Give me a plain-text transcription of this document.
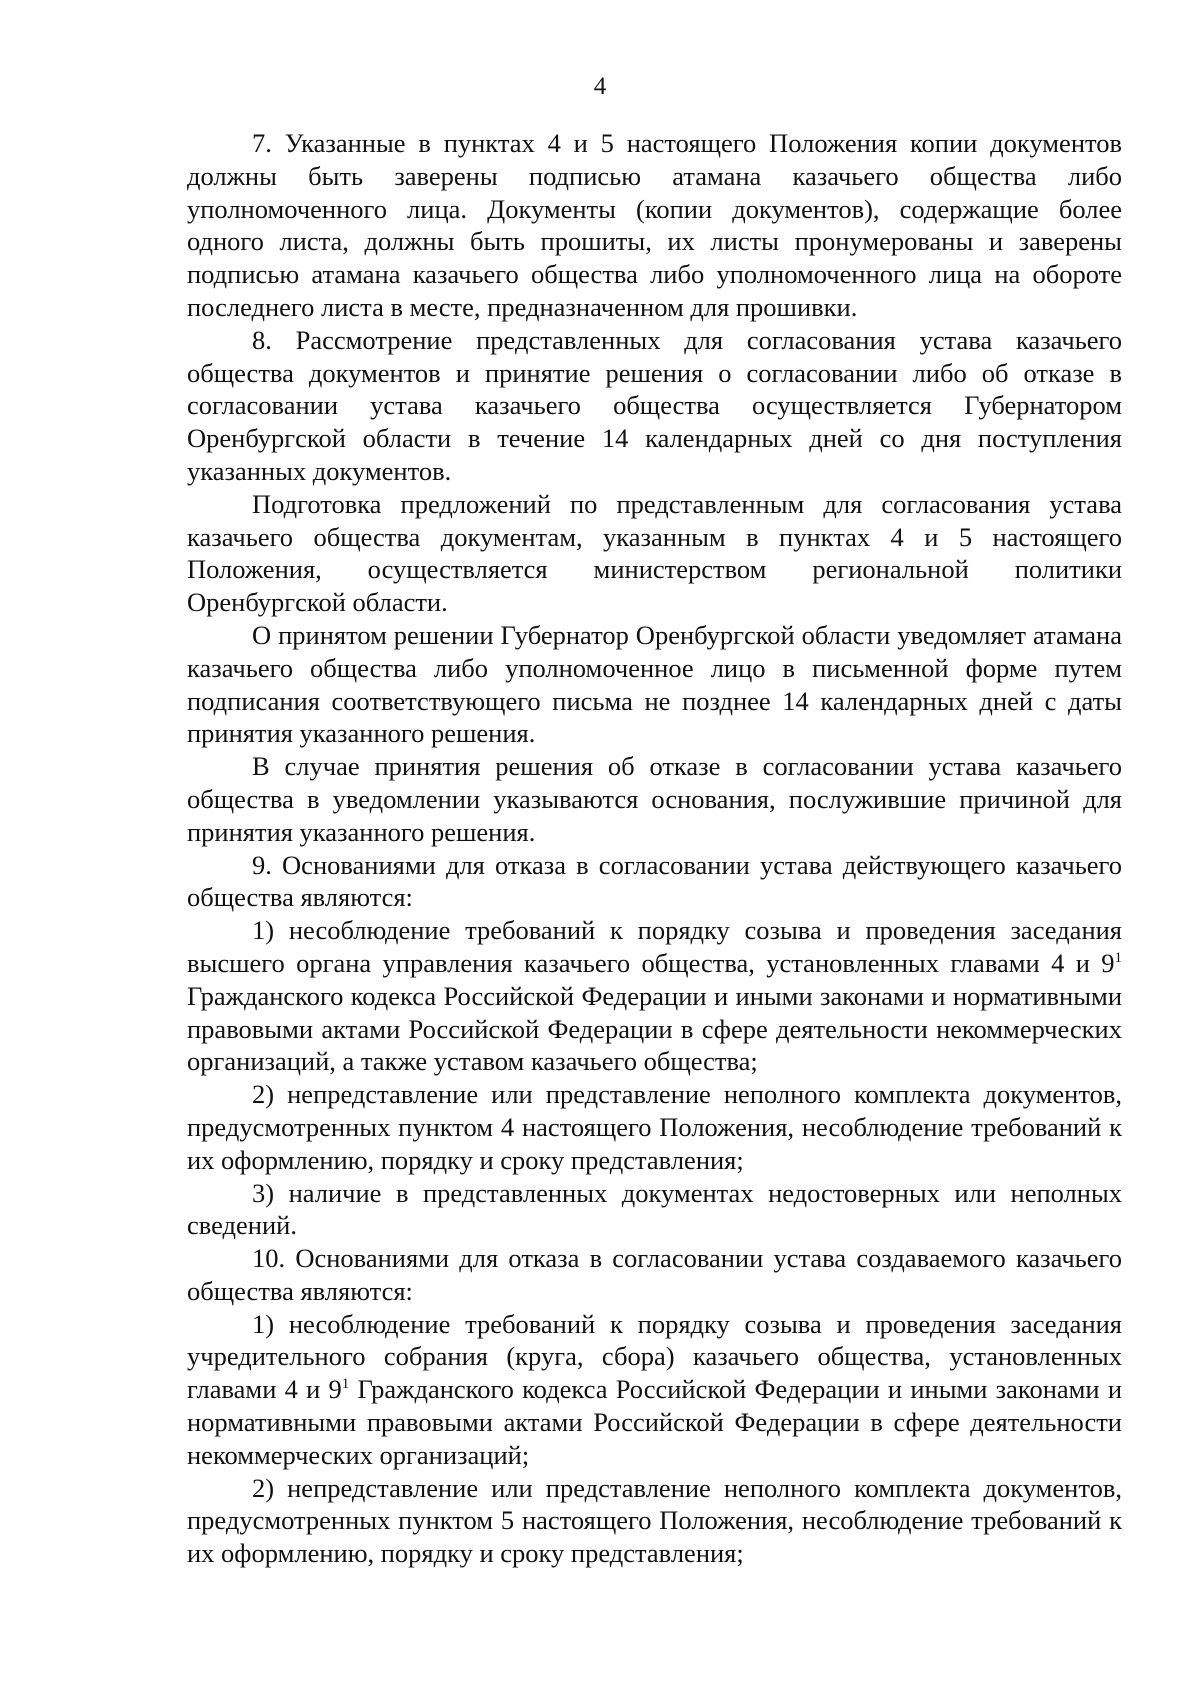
4

7. Указанные в пунктах 4 и 5 настоящего Положения копии документов должны быть заверены подписью атамана казачьего общества либо уполномоченного лица. Документы (копии документов), содержащие более одного листа, должны быть прошиты, их листы пронумерованы и заверены подписью атамана казачьего общества либо уполномоченного лица на обороте последнего листа в месте, предназначенном для прошивки.

8. Рассмотрение представленных для согласования устава казачьего общества документов и принятие решения о согласовании либо об отказе в согласовании устава казачьего общества осуществляется Губернатором Оренбургской области в течение 14 календарных дней со дня поступления указанных документов.

Подготовка предложений по представленным для согласования устава казачьего общества документам, указанным в пунктах 4 и 5 настоящего Положения, осуществляется министерством региональной политики Оренбургской области.

О принятом решении Губернатор Оренбургской области уведомляет атамана казачьего общества либо уполномоченное лицо в письменной форме путем подписания соответствующего письма не позднее 14 календарных дней с даты принятия указанного решения.

В случае принятия решения об отказе в согласовании устава казачьего общества в уведомлении указываются основания, послужившие причиной для принятия указанного решения.

9. Основаниями для отказа в согласовании устава действующего казачьего общества являются:

1) несоблюдение требований к порядку созыва и проведения заседания высшего органа управления казачьего общества, установленных главами 4 и $9^1$ Гражданского кодекса Российской Федерации и иными законами и нормативными правовыми актами Российской Федерации в сфере деятельности некоммерческих организаций, а также уставом казачьего общества;

2) непредставление или представление неполного комплекта документов, предусмотренных пунктом 4 настоящего Положения, несоблюдение требований к их оформлению, порядку и сроку представления;

3) наличие в представленных документах недостоверных или неполных сведений.

10. Основаниями для отказа в согласовании устава создаваемого казачьего общества являются:

1) несоблюдение требований к порядку созыва и проведения заседания учредительного собрания (круга, сбора) казачьего общества, установленных главами 4 и $9^1$ Гражданского кодекса Российской Федерации и иными законами и нормативными правовыми актами Российской Федерации в сфере деятельности некоммерческих организаций;

2) непредставление или представление неполного комплекта документов, предусмотренных пунктом 5 настоящего Положения, несоблюдение требований к их оформлению, порядку и сроку представления;
